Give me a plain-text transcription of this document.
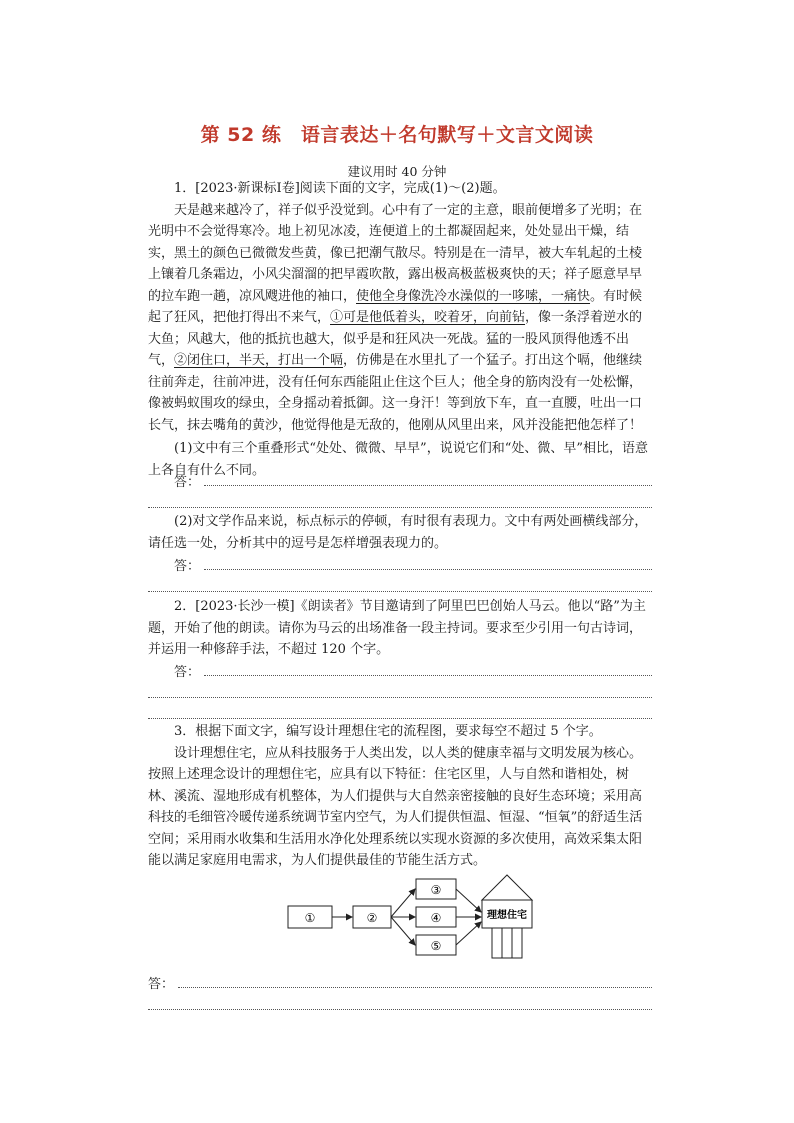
第 52 练　语言表达＋名句默写＋文言文阅读
建议用时 40 分钟

1．[2023·新课标Ⅰ卷]阅读下面的文字，完成(1)～(2)题。

天是越来越冷了，祥子似乎没觉到。心中有了一定的主意，眼前便增多了光明；在光明中不会觉得寒冷。地上初见冰凌，连便道上的土都凝固起来，处处显出干燥，结实，黑土的颜色已微微发些黄，像已把潮气散尽。特别是在一清早，被大车轧起的土棱上镶着几条霜边，小风尖溜溜的把早霞吹散，露出极高极蓝极爽快的天；祥子愿意早早的拉车跑一趟，凉风飕进他的袖口，使他全身像洗冷水澡似的一哆嗦，一痛快。有时候起了狂风，把他打得出不来气，①可是他低着头，咬着牙，向前钻，像一条浮着逆水的大鱼；风越大，他的抵抗也越大，似乎是和狂风决一死战。猛的一股风顶得他透不出气，②闭住口，半天，打出一个嗝，仿佛是在水里扎了一个猛子。打出这个嗝，他继续往前奔走，往前冲进，没有任何东西能阻止住这个巨人；他全身的筋肉没有一处松懈，像被蚂蚁围攻的绿虫，全身摇动着抵御。这一身汗！等到放下车，直一直腰，吐出一口长气，抹去嘴角的黄沙，他觉得他是无敌的，他刚从风里出来，风并没能把他怎样了！

(1)文中有三个重叠形式“处处、微微、早早”，说说它们和“处、微、早”相比，语意上各自有什么不同。

答：

(2)对文学作品来说，标点标示的停顿，有时很有表现力。文中有两处画横线部分，请任选一处，分析其中的逗号是怎样增强表现力的。

答：

2．[2023·长沙一模]《朗读者》节目邀请到了阿里巴巴创始人马云。他以“路”为主题，开始了他的朗读。请你为马云的出场准备一段主持词。要求至少引用一句古诗词，并运用一种修辞手法，不超过 120 个字。

答：

3．根据下面文字，编写设计理想住宅的流程图，要求每空不超过 5 个字。

设计理想住宅，应从科技服务于人类出发，以人类的健康幸福与文明发展为核心。按照上述理念设计的理想住宅，应具有以下特征：住宅区里，人与自然和谐相处，树林、溪流、湿地形成有机整体，为人们提供与大自然亲密接触的良好生态环境；采用高科技的毛细管冷暖传递系统调节室内空气，为人们提供恒温、恒湿、“恒氧”的舒适生活空间；采用雨水收集和生活用水净化处理系统以实现水资源的多次使用，高效采集太阳能以满足家庭用电需求，为人们提供最佳的节能生活方式。

①	②
③
④
⑤
理想住宅
答：
